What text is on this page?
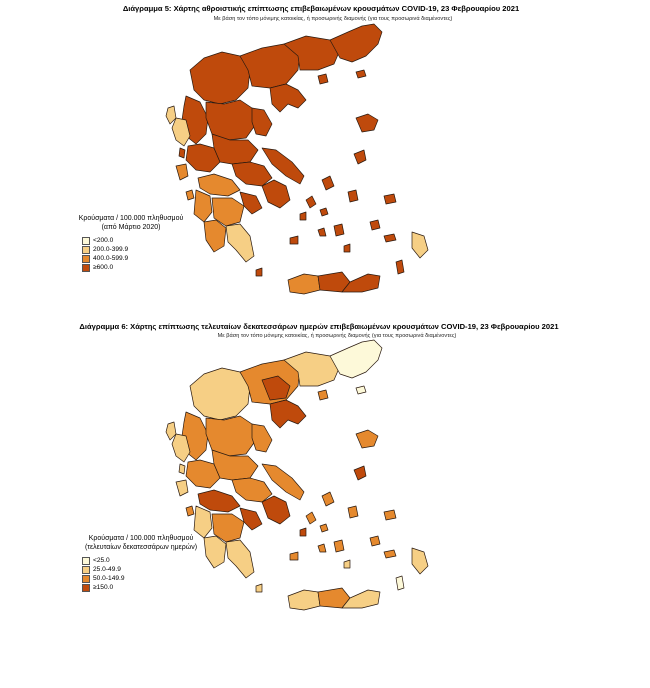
Διάγραμμα 5: Χάρτης αθροιστικής επίπτωσης επιβεβαιωμένων κρουσμάτων COVID-19, 23 Φεβρουαρίου 2021
Με βάση τον τόπο μόνιμης κατοικίας, ή προσωρινής διαμονής (για τους προσωρινά διαμένοντες)
Κρούσματα / 100.000 πληθυσμού
(από Μάρτιο 2020)
<200.0
200.0-399.9
400.0-599.9
≥600.0
Διάγραμμα 6: Χάρτης επίπτωσης τελευταίων δεκατεσσάρων ημερών επιβεβαιωμένων κρουσμάτων COVID-19, 23 Φεβρουαρίου 2021
Με βάση τον τόπο μόνιμης κατοικίας, ή προσωρινής διαμονής (για τους προσωρινά διαμένοντες)
Κρούσματα / 100.000 πληθυσμού
(τελευταίων δεκατεσσάρων ημερών)
<25.0
25.0-49.9
50.0-149.9
≥150.0
